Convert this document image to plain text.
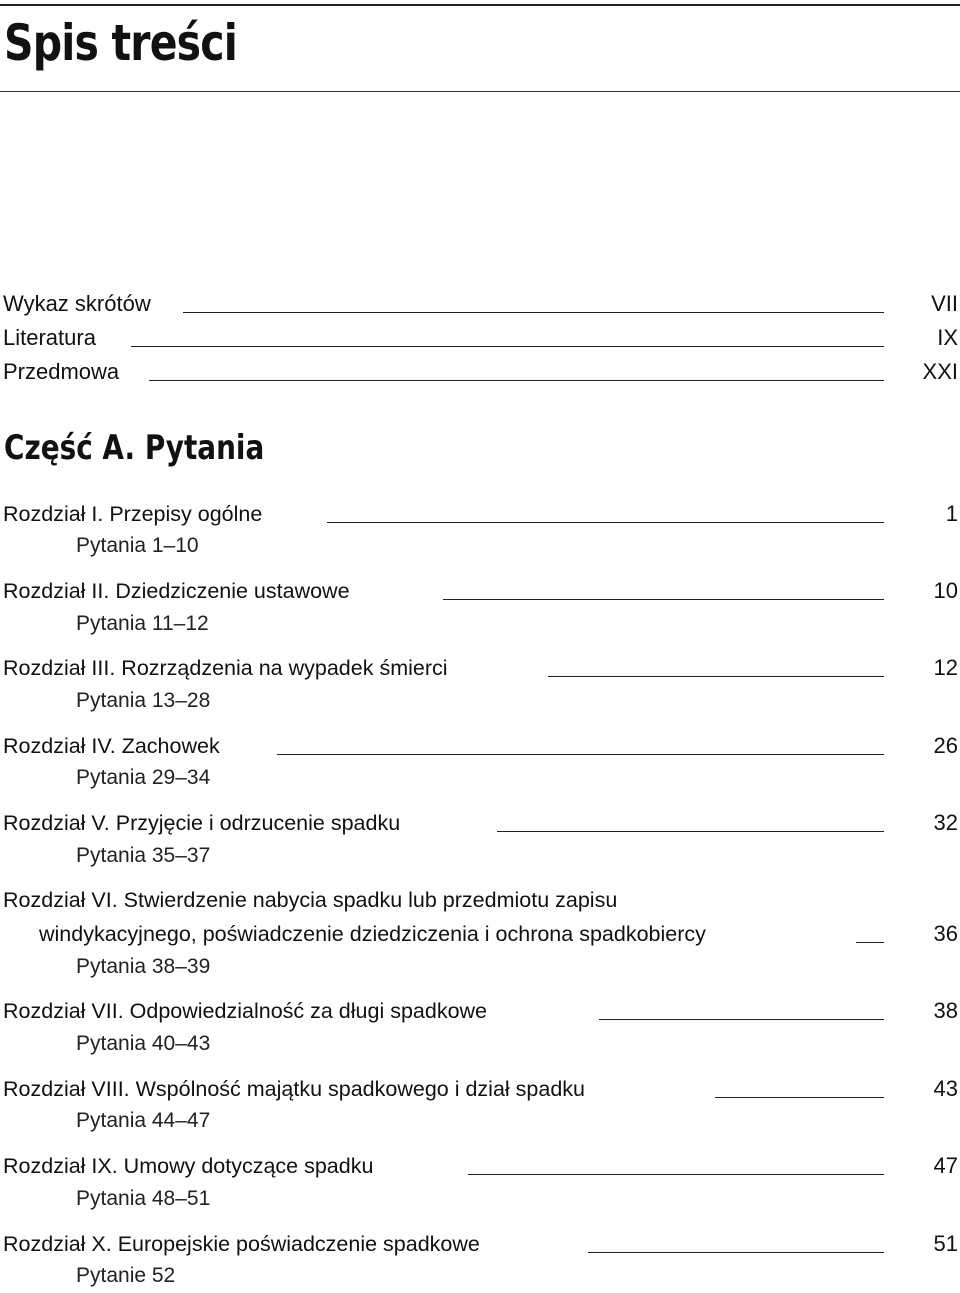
Spis treści
Wykaz skrótów	VII
Literatura	IX
Przedmowa	XXI
Część A. Pytania
Rozdział I. Przepisy ogólne	1
Pytania 1–10
Rozdział II. Dziedziczenie ustawowe	10
Pytania 11–12
Rozdział III. Rozrządzenia na wypadek śmierci	12
Pytania 13–28
Rozdział IV. Zachowek	26
Pytania 29–34
Rozdział V. Przyjęcie i odrzucenie spadku	32
Pytania 35–37
Rozdział VI. Stwierdzenie nabycia spadku lub przedmiotu zapisu
windykacyjnego, poświadczenie dziedziczenia i ochrona spadkobiercy	36
Pytania 38–39
Rozdział VII. Odpowiedzialność za długi spadkowe	38
Pytania 40–43
Rozdział VIII. Wspólność majątku spadkowego i dział spadku	43
Pytania 44–47
Rozdział IX. Umowy dotyczące spadku	47
Pytania 48–51
Rozdział X. Europejskie poświadczenie spadkowe	51
Pytanie 52
